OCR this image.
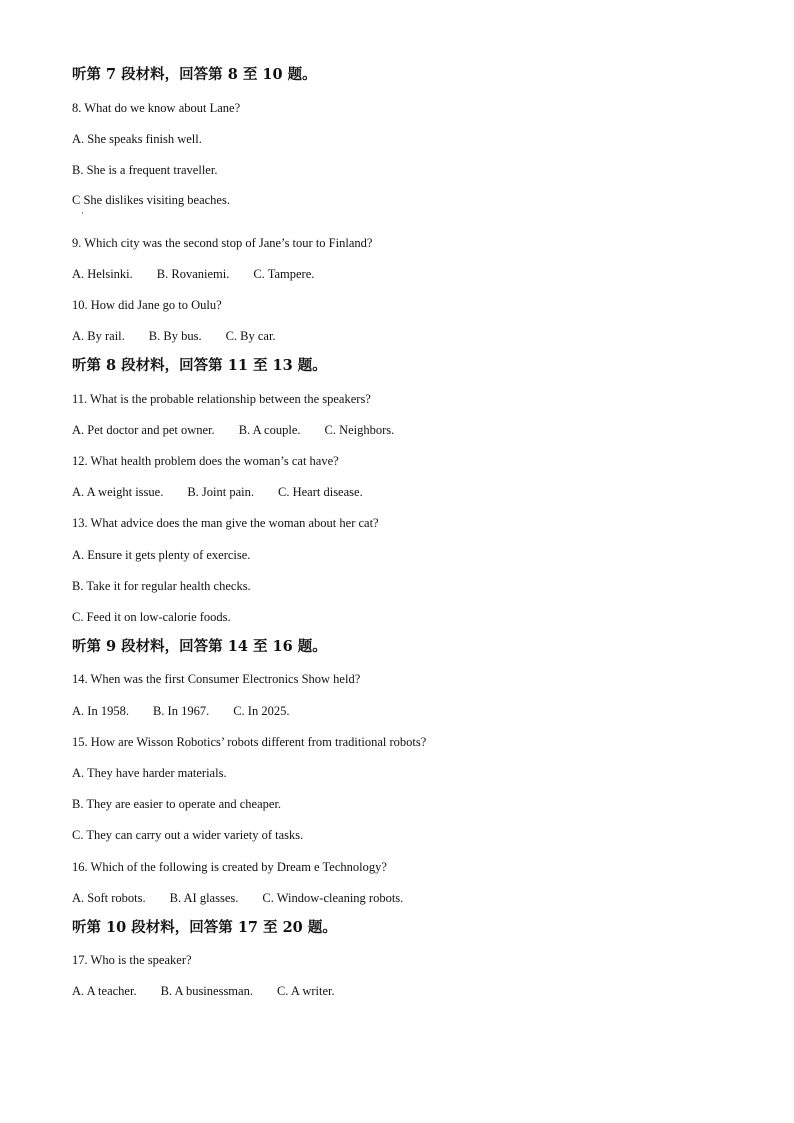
听第 7 段材料，回答第 8 至 10 题。
8. What do we know about Lane?
A. She speaks finish well.
B. She is a frequent traveller.
C She dislikes visiting beaches.
·
9. Which city was the second stop of Jane’s tour to Finland?
A. Helsinki. B. Rovaniemi. C. Tampere.
10. How did Jane go to Oulu?
A. By rail. B. By bus. C. By car.
听第 8 段材料，回答第 11 至 13 题。
11. What is the probable relationship between the speakers?
A. Pet doctor and pet owner. B. A couple. C. Neighbors.
12. What health problem does the woman’s cat have?
A. A weight issue. B. Joint pain. C. Heart disease.
13. What advice does the man give the woman about her cat?
A. Ensure it gets plenty of exercise.
B. Take it for regular health checks.
C. Feed it on low-calorie foods.
听第 9 段材料，回答第 14 至 16 题。
14. When was the first Consumer Electronics Show held?
A. In 1958. B. In 1967. C. In 2025.
15. How are Wisson Robotics’ robots different from traditional robots?
A. They have harder materials.
B. They are easier to operate and cheaper.
C. They can carry out a wider variety of tasks.
16. Which of the following is created by Dream e Technology?
A. Soft robots. B. AI glasses. C. Window-cleaning robots.
听第 10 段材料，回答第 17 至 20 题。
17. Who is the speaker?
A. A teacher. B. A businessman. C. A writer.
